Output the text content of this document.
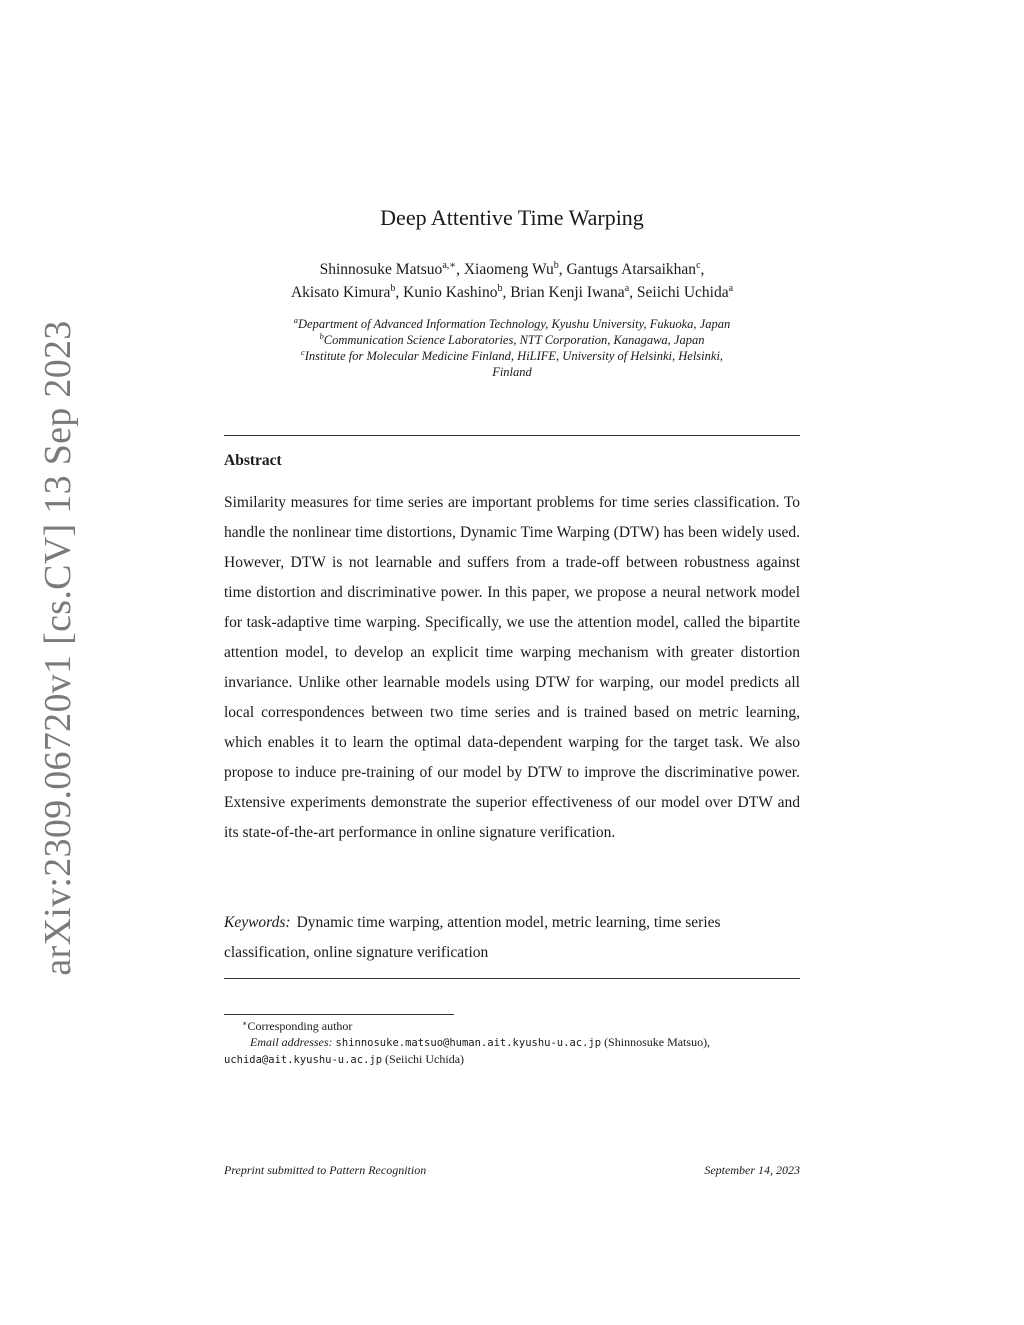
arXiv:2309.06720v1 [cs.CV] 13 Sep 2023
Deep Attentive Time Warping
Shinnosuke Matsuo$^{a,∗}$, Xiaomeng Wu$^b$, Gantugs Atarsaikhan$^c$,
Akisato Kimura$^b$, Kunio Kashino$^b$, Brian Kenji Iwana$^a$, Seiichi Uchida$^a$
$^a$Department of Advanced Information Technology, Kyushu University, Fukuoka, Japan
$^b$Communication Science Laboratories, NTT Corporation, Kanagawa, Japan
$^c$Institute for Molecular Medicine Finland, HiLIFE, University of Helsinki, Helsinki,
Finland
Abstract

Similarity measures for time series are important problems for time series classification. To handle the nonlinear time distortions, Dynamic Time Warping (DTW) has been widely used. However, DTW is not learnable and suffers from a trade-off between robustness against time distortion and discriminative power. In this paper, we propose a neural network model for task-adaptive time warping. Specifically, we use the attention model, called the bipartite attention model, to develop an explicit time warping mechanism with greater distortion invariance. Unlike other learnable models using DTW for warping, our model predicts all local correspondences between two time series and is trained based on metric learning, which enables it to learn the optimal data-dependent warping for the target task. We also propose to induce pre-training of our model by DTW to improve the discriminative power. Extensive experiments demonstrate the superior effectiveness of our model over DTW and its state-of-the-art performance in online signature verification.

Keywords: Dynamic time warping, attention model, metric learning, time series classification, online signature verification
∗Corresponding author
Email addresses: shinnosuke.matsuo@human.ait.kyushu-u.ac.jp (Shinnosuke Matsuo),
uchida@ait.kyushu-u.ac.jp (Seiichi Uchida)
Preprint submitted to Pattern Recognition	September 14, 2023
